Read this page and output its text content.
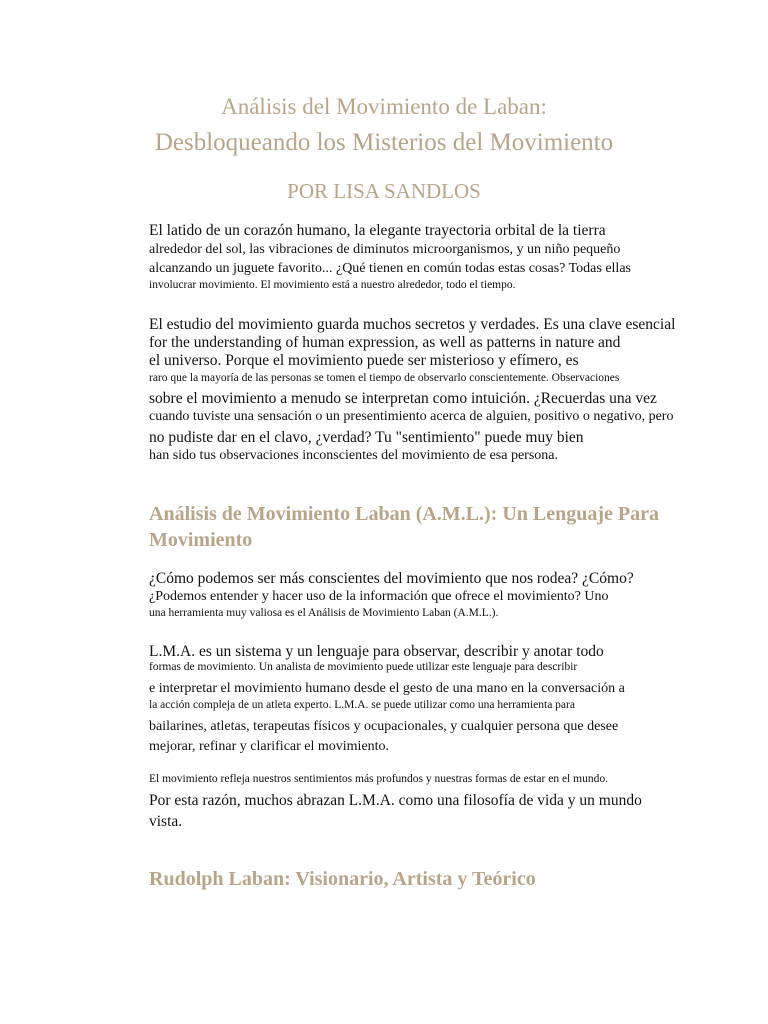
Análisis del Movimiento de Laban:
Desbloqueando los Misterios del Movimiento
POR LISA SANDLOS

El latido de un corazón humano, la elegante trayectoria orbital de la tierra

alrededor del sol, las vibraciones de diminutos microorganismos, y un niño pequeño

alcanzando un juguete favorito... ¿Qué tienen en común todas estas cosas? Todas ellas

involucrar movimiento. El movimiento está a nuestro alrededor, todo el tiempo.

El estudio del movimiento guarda muchos secretos y verdades. Es una clave esencial

for the understanding of human expression, as well as patterns in nature and

el universo. Porque el movimiento puede ser misterioso y efímero, es

raro que la mayoría de las personas se tomen el tiempo de observarlo conscientemente. Observaciones

sobre el movimiento a menudo se interpretan como intuición. ¿Recuerdas una vez

cuando tuviste una sensación o un presentimiento acerca de alguien, positivo o negativo, pero

no pudiste dar en el clavo, ¿verdad? Tu "sentimiento" puede muy bien

han sido tus observaciones inconscientes del movimiento de esa persona.

Análisis de Movimiento Laban (A.M.L.): Un Lenguaje Para
Movimiento

¿Cómo podemos ser más conscientes del movimiento que nos rodea? ¿Cómo?

¿Podemos entender y hacer uso de la información que ofrece el movimiento? Uno

una herramienta muy valiosa es el Análisis de Movimiento Laban (A.M.L.).

L.M.A. es un sistema y un lenguaje para observar, describir y anotar todo

formas de movimiento. Un analista de movimiento puede utilizar este lenguaje para describir

e interpretar el movimiento humano desde el gesto de una mano en la conversación a

la acción compleja de un atleta experto. L.M.A. se puede utilizar como una herramienta para

bailarines, atletas, terapeutas físicos y ocupacionales, y cualquier persona que desee

mejorar, refinar y clarificar el movimiento.

El movimiento refleja nuestros sentimientos más profundos y nuestras formas de estar en el mundo.

Por esta razón, muchos abrazan L.M.A. como una filosofía de vida y un mundo

vista.

Rudolph Laban: Visionario, Artista y Teórico
